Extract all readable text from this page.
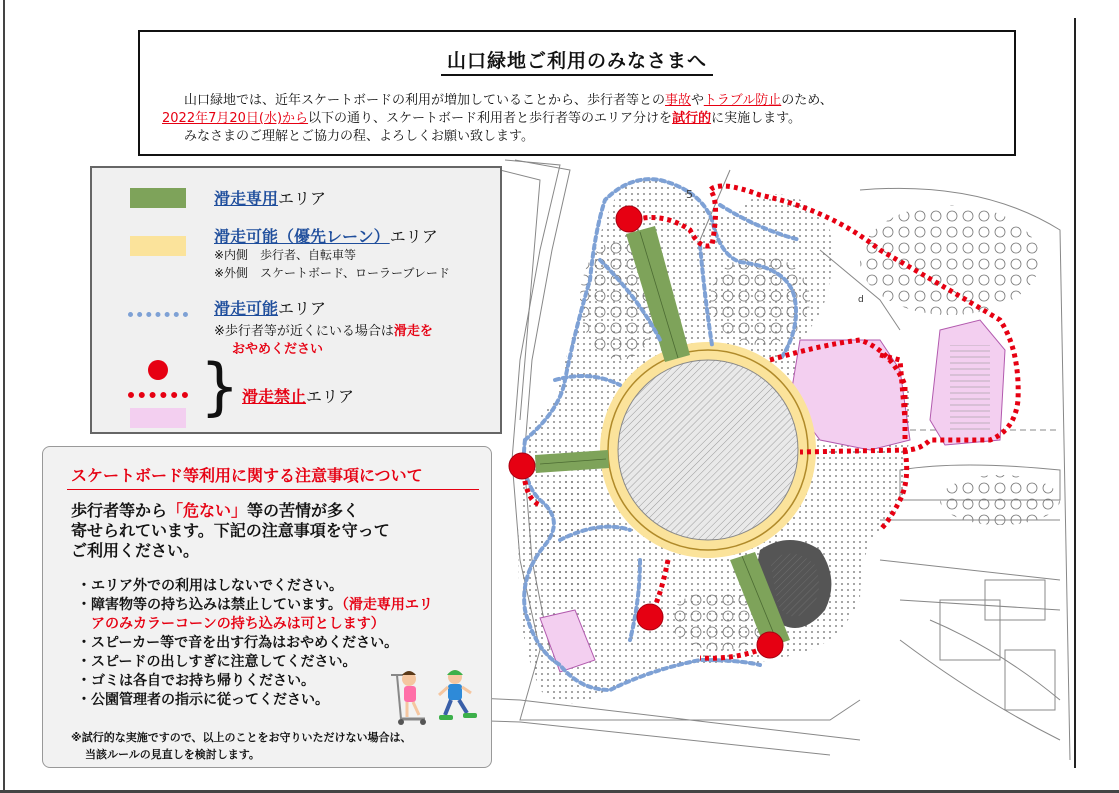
5
d
山口緑地ご利用のみなさまへ
山口緑地では、近年スケートボードの利用が増加していることから、歩行者等との事故やトラブル防止のため、
2022年7月20日(水)から以下の通り、スケートボード利用者と歩行者等のエリア分けを試行的に実施します。
みなさまのご理解とご協力の程、よろしくお願い致します。
滑走専用エリア
滑走可能（優先レーン）エリア
※内側　歩行者、自転車等
※外側　スケートボード、ローラーブレード
滑走可能エリア
※歩行者等が近くにいる場合は滑走を
おやめください
} 滑走禁止エリア
スケートボード等利用に関する注意事項について
歩行者等から「危ない」等の苦情が多く
寄せられています。下記の注意事項を守って
ご利用ください。
・エリア外での利用はしないでください。
・障害物等の持ち込みは禁止しています。（滑走専用エリ
アのみカラーコーンの持ち込みは可とします）
・スピーカー等で音を出す行為はおやめください。
・スピードの出しすぎに注意してください。
・ゴミは各自でお持ち帰りください。
・公園管理者の指示に従ってください。
※試行的な実施ですので、以上のことをお守りいただけない場合は、
当該ルールの見直しを検討します。
